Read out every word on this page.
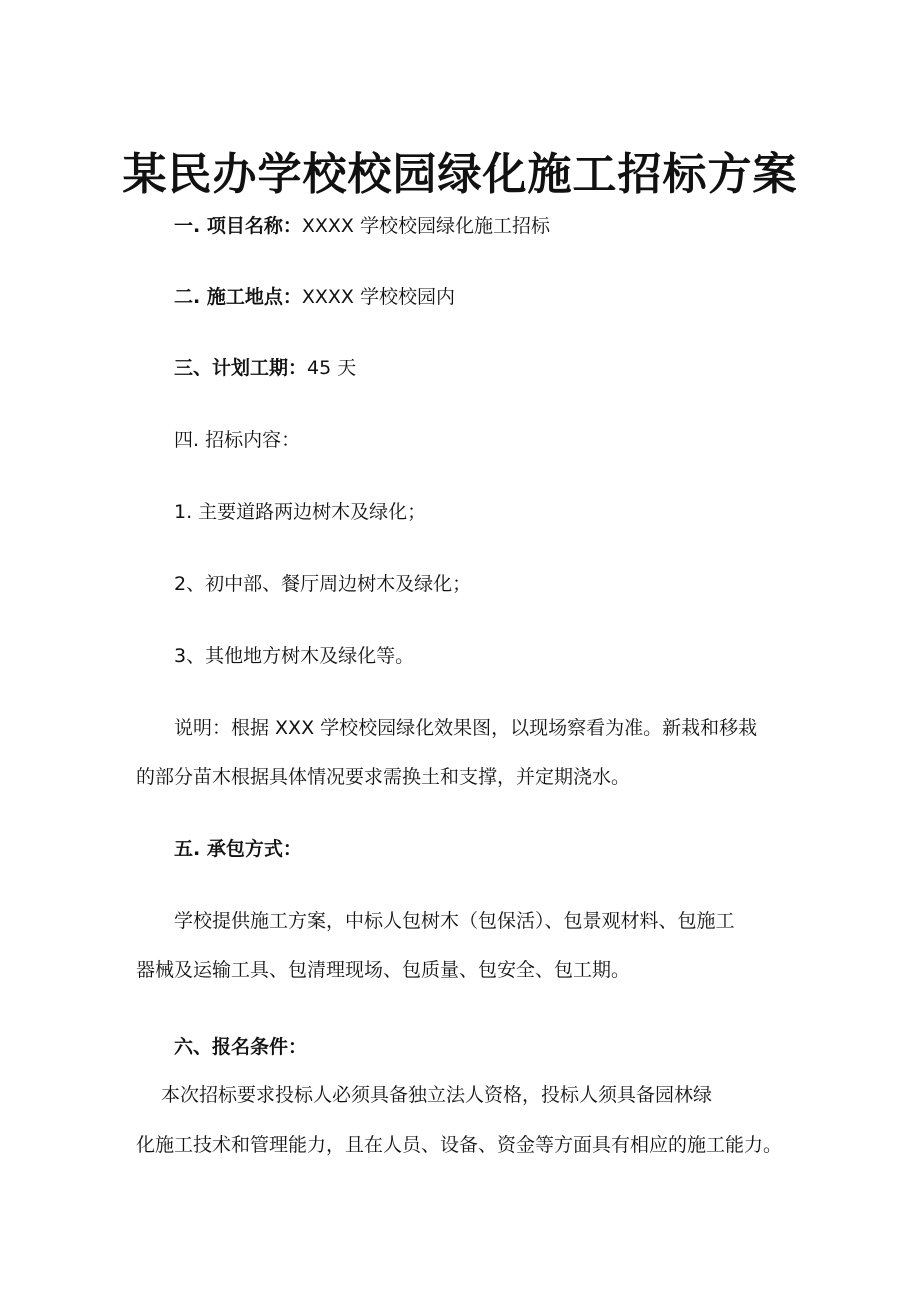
某民办学校校园绿化施工招标方案
一. 项目名称：XXXX 学校校园绿化施工招标
二. 施工地点：XXXX 学校校园内
三、计划工期：45 天
四. 招标内容：
1. 主要道路两边树木及绿化；
2、初中部、餐厅周边树木及绿化；
3、其他地方树木及绿化等。
说明：根据 XXX 学校校园绿化效果图，以现场察看为准。新栽和移栽
的部分苗木根据具体情况要求需换土和支撑，并定期浇水。
五. 承包方式：
学校提供施工方案，中标人包树木（包保活）、包景观材料、包施工
器械及运输工具、包清理现场、包质量、包安全、包工期。
六、报名条件：
本次招标要求投标人必须具备独立法人资格，投标人须具备园林绿
化施工技术和管理能力，且在人员、设备、资金等方面具有相应的施工能力。
